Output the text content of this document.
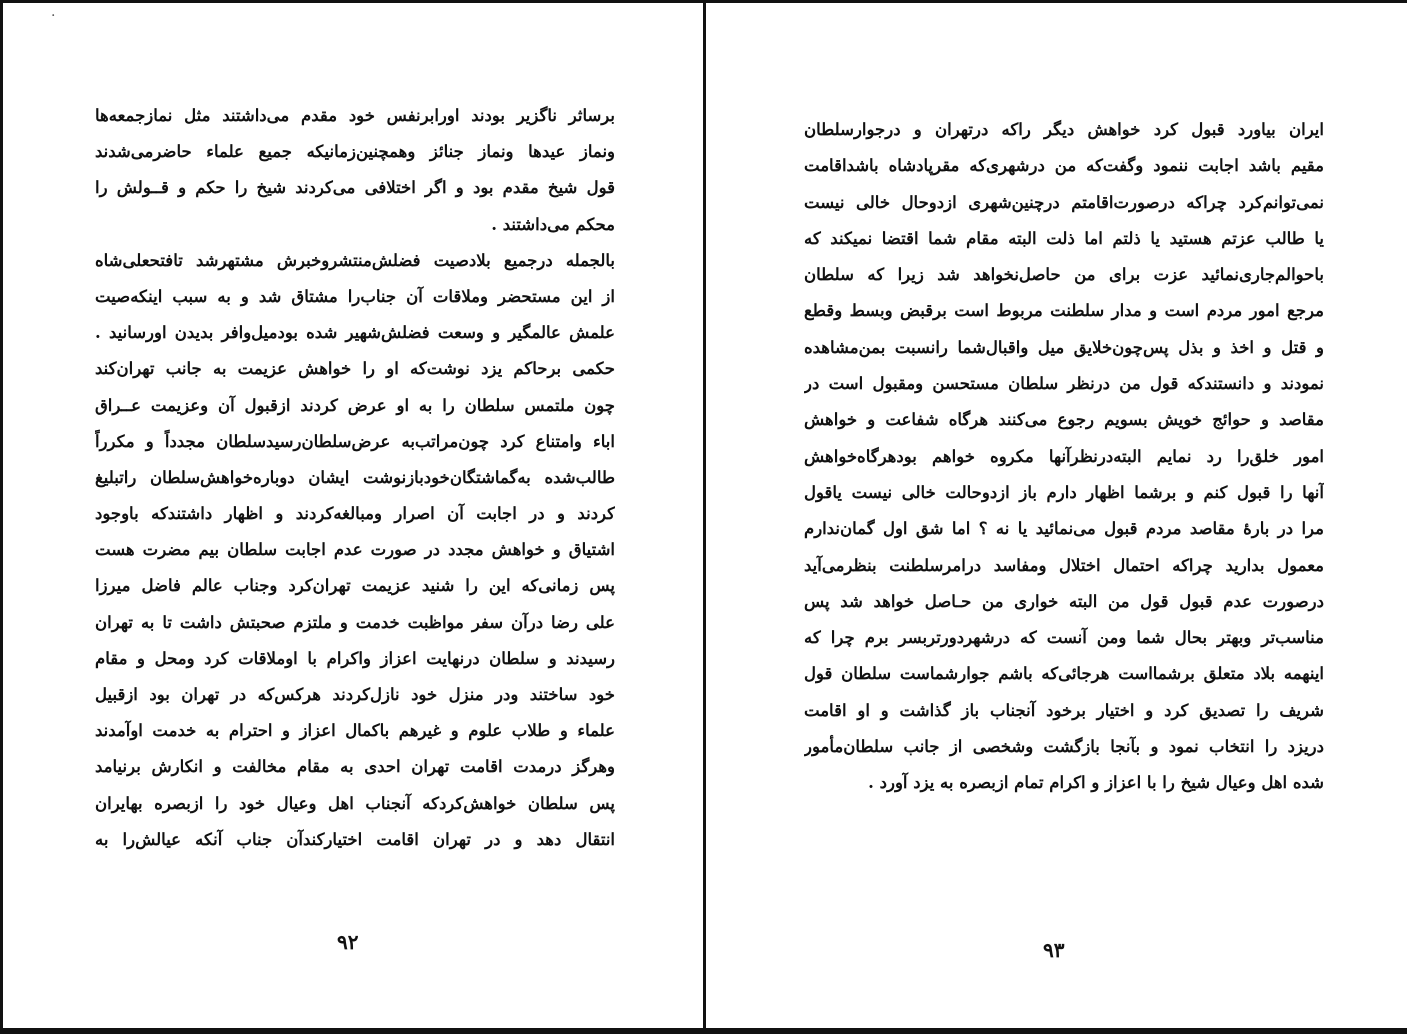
·
برساثر ناگزیر بودند اورابرنفس خود مقدم می‌داشتند مثل نمازجمعه‌ها
ونماز عیدها ونماز جنائز وهمچنین‌زمانیکه جمیع علماء حاضرمی‌شدند
قول شیخ مقدم بود و اگر اختلافی می‌کردند شیخ را حکم و قــولش را
محکم می‌داشتند .
بالجمله درجمیع بلادصیت فضلش‌منتشروخبرش مشتهرشد تافتحعلی‌شاه
از این مستحضر وملاقات آن جناب‌را مشتاق شد و به سبب اینکه‌صیت
علمش عالمگیر و وسعت فضلش‌شهیر شده بودمیل‌وافر بدیدن اورسانید .
حکمی برحاکم یزد نوشت‌که او را خواهش عزیمت به جانب تهران‌کند
چون ملتمس سلطان را به او عرض کردند ازقبول آن وعزیمت عــراق
اباء وامتناع کرد چون‌مراتب‌به عرض‌سلطان‌رسیدسلطان مجدداً و مکرراً
طالب‌شده به‌گماشتگان‌خودبازنوشت ایشان دوباره‌خواهش‌سلطان راتبلیغ
کردند و در اجابت آن اصرار ومبالغه‌کردند و اظهار داشتندکه باوجود
اشتیاق و خواهش مجدد در صورت عدم اجابت سلطان بیم مضرت هست
پس زمانی‌که این را شنید عزیمت تهران‌کرد وجناب عالم فاضل میرزا
علی رضا درآن سفر مواظبت خدمت و ملتزم صحبتش داشت تا به تهران
رسیدند و سلطان درنهایت اعزاز واکرام با اوملاقات کرد ومحل و مقام
خود ساختند ودر منزل خود نازل‌کردند هرکس‌که در تهران بود ازقبیل
علماء و طلاب علوم و غیرهم باکمال اعزاز و احترام به خدمت اوآمدند
وهرگز درمدت اقامت تهران احدی به مقام مخالفت و انکارش برنیامد
پس سلطان خواهش‌کردکه آنجناب اهل وعیال خود را ازبصره بهایران
انتقال دهد و در تهران اقامت اختیارکندآن جناب آنکه عیالش‌را به
۹۲
ایران بیاورد قبول کرد خواهش دیگر راکه درتهران و درجوارسلطان
مقیم باشد اجابت ننمود وگفت‌که من درشهری‌که مقرپادشاه باشداقامت
نمی‌توانم‌کرد چراکه درصورت‌اقامتم درچنین‌شهری ازدوحال خالی نیست
یا طالب عزتم هستید یا ذلتم اما ذلت البته مقام شما اقتضا نمیکند که
باحوالم‌جاری‌نمائید عزت برای من حاصل‌نخواهد شد زیرا که سلطان
مرجع امور مردم است و مدار سلطنت مربوط است برقبض وبسط وقطع
و قتل و اخذ و بذل پس‌چون‌خلایق میل واقبال‌شما رانسبت بمن‌مشاهده
نمودند و دانستندکه قول من درنظر سلطان مستحسن ومقبول است در
مقاصد و حوائج خویش بسویم رجوع می‌کنند هرگاه شفاعت و خواهش
امور خلق‌را رد نمایم البته‌درنظرآنها مکروه خواهم بودهرگاه‌خواهش
آنها را قبول کنم و برشما اظهار دارم باز ازدوحالت خالی نیست یاقول
مرا در بارهٔ مقاصد مردم قبول می‌نمائید یا نه ؟ اما شق اول گمان‌ندارم
معمول بدارید چراکه احتمال اختلال ومفاسد درامرسلطنت بنظرمی‌آید
درصورت عدم قبول قول من البته خواری من حـاصل خواهد شد پس
مناسب‌تر وبهتر بحال شما ومن آنست که درشهردورتربسر برم چرا که
اینهمه بلاد متعلق برشمااست هرجائی‌که باشم جوارشماست سلطان قول
شریف را تصدیق کرد و اختیار برخود آنجناب باز گذاشت و او اقامت
دریزد را انتخاب نمود و بآنجا بازگشت وشخصی از جانب سلطان‌مأمور
شده اهل وعیال شیخ را با اعزاز و اکرام تمام ازبصره به یزد آورد .
۹۳
